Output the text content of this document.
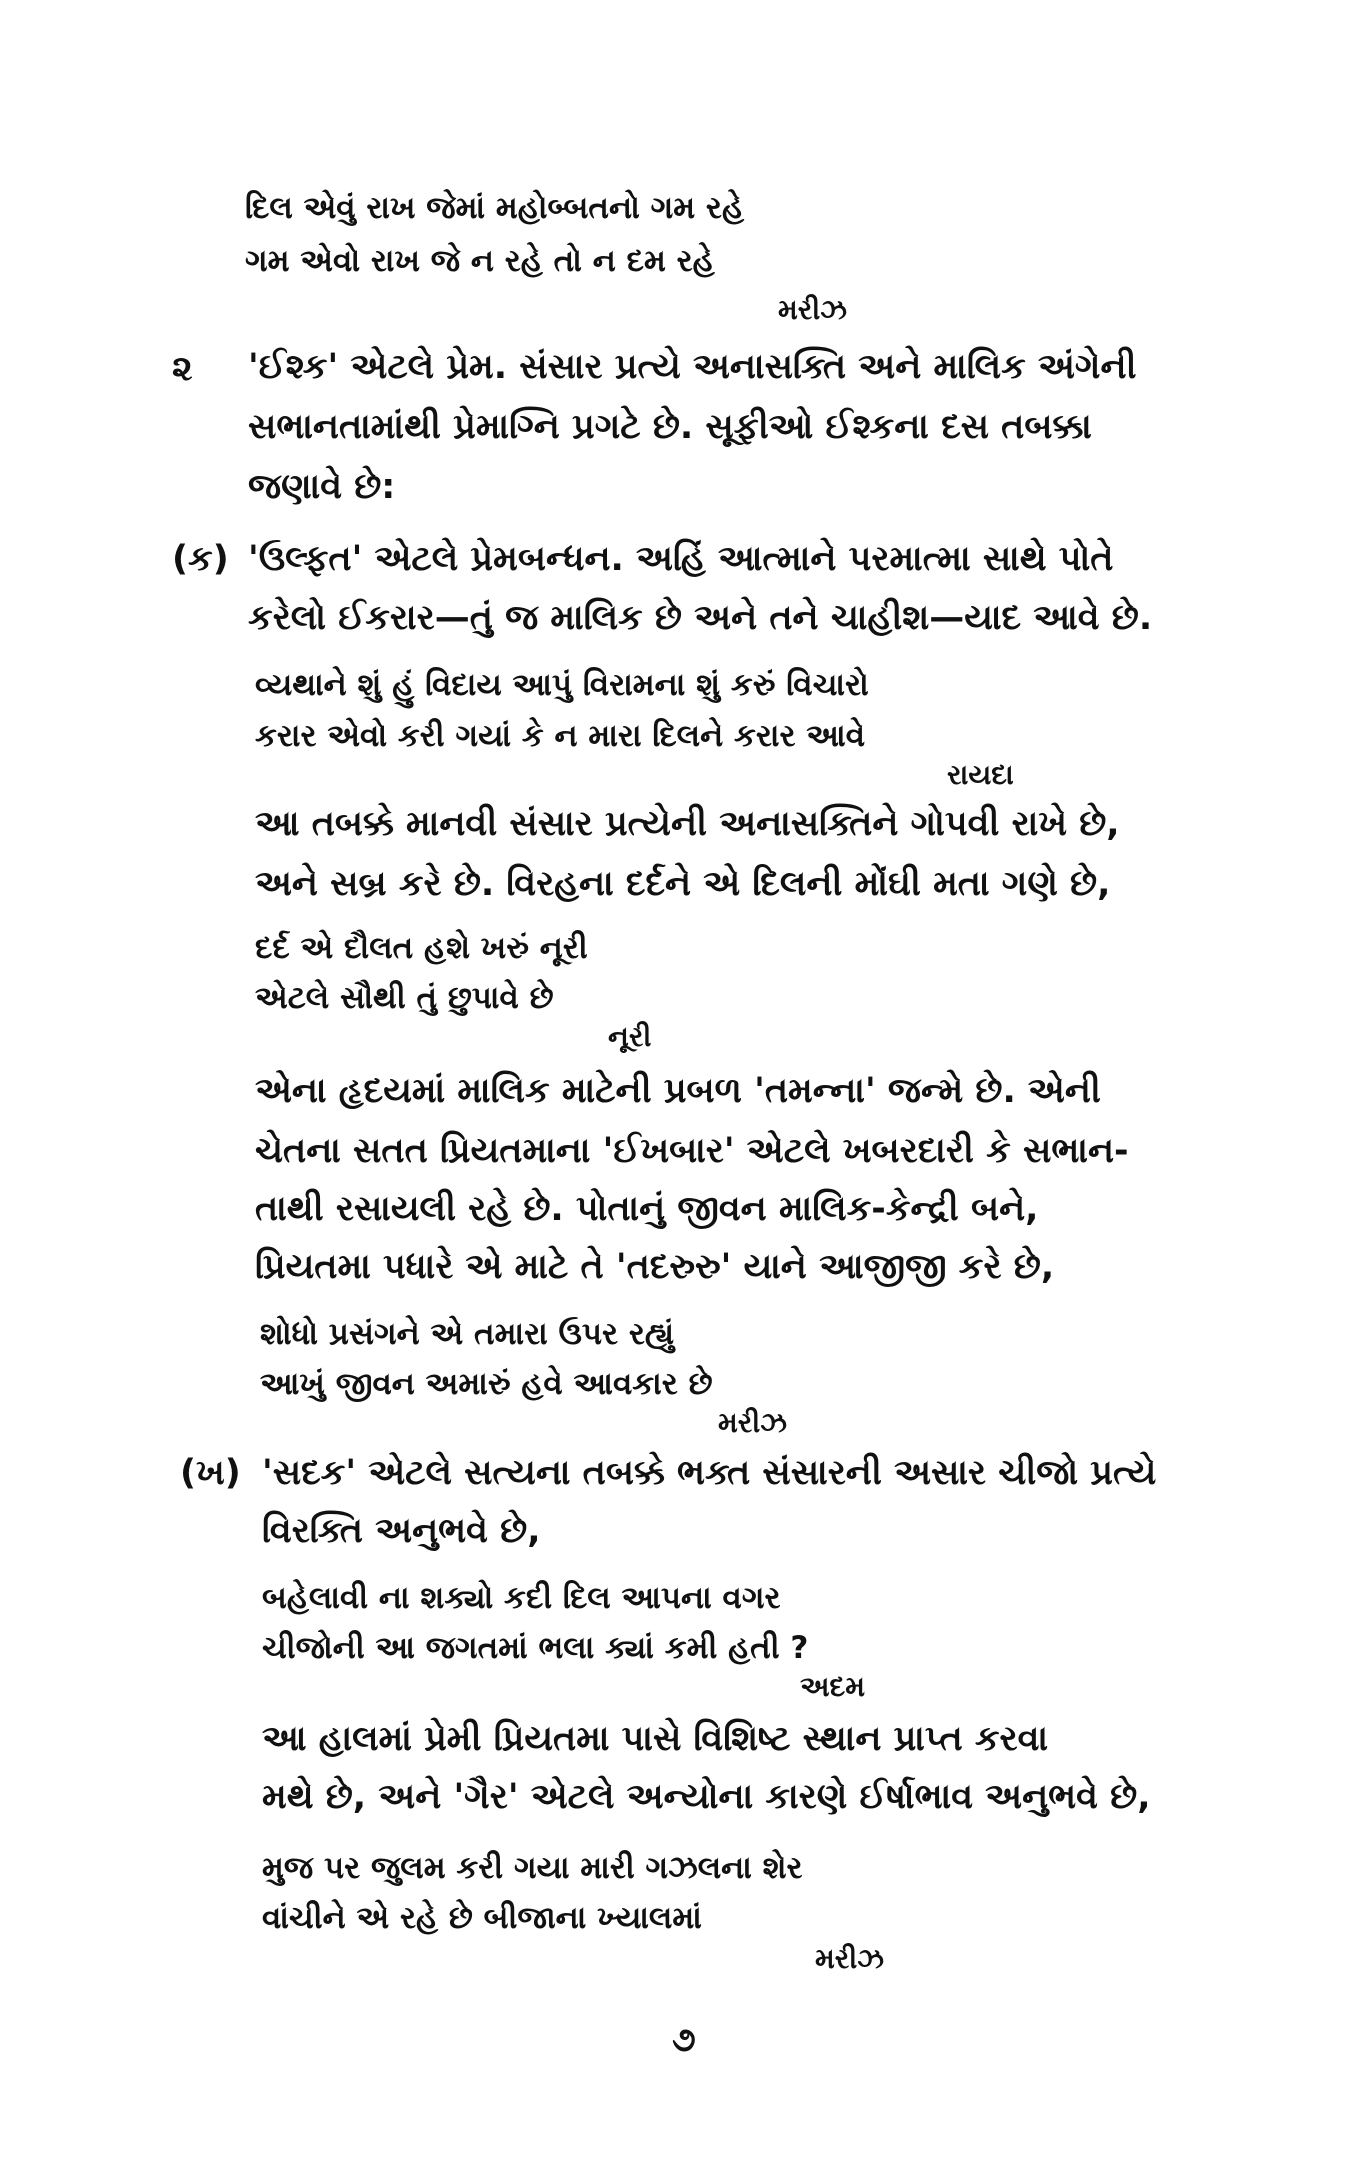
દિલ એવું રાખ જેમાં મહોબ્બતનો ગમ રહે
ગમ એવો રાખ જે ન રહે તો ન દમ રહે
મરીઝ
૨ 'ઈશ્ક' એટલે પ્રેમ. સંસાર પ્રત્યે અનાસક્તિ અને માલિક અંગેની
સભાનતામાંથી પ્રેમાગ્નિ પ્રગટે છે. સૂફીઓ ઈશ્કના દસ તબક્કા
જણાવે છે:
(ક) 'ઉલ્ફત' એટલે પ્રેમબન્ધન. અહિં આત્માને પરમાત્મા સાથે પોતે
કરેલો ઈકરાર—તું જ માલિક છે અને તને ચાહીશ—યાદ આવે છે.
વ્યથાને શું હું વિદાય આપું વિરામના શું કરું વિચારો
કરાર એવો કરી ગયાં કે ન મારા દિલને કરાર આવે
રાયદા
આ તબક્કે માનવી સંસાર પ્રત્યેની અનાસક્તિને ગોપવી રાખે છે,
અને સબ્ર કરે છે. વિરહના દર્દને એ દિલની મોંઘી મતા ગણે છે,
દર્દ એ દૌલત હશે ખરું નૂરી
એટલે સૌથી તું છુપાવે છે
નૂરી
એના હૃદયમાં માલિક માટેની પ્રબળ 'તમન્ના' જન્મે છે. એની
ચેતના સતત પ્રિયતમાના 'ઈખબાર' એટલે ખબરદારી કે સભાન-
તાથી રસાયલી રહે છે. પોતાનું જીવન માલિક-કેન્દ્રી બને,
પ્રિયતમા પધારે એ માટે તે 'તદરુરુ' યાને આજીજી કરે છે,
શોધો પ્રસંગને એ તમારા ઉપર રહ્યું
આખું જીવન અમારું હવે આવકાર છે
મરીઝ
(ખ) 'સદક' એટલે સત્યના તબક્કે ભક્ત સંસારની અસાર ચીજો પ્રત્યે
વિરક્તિ અનુભવે છે,
બહેલાવી ના શક્યો કદી દિલ આપના વગર
ચીજોની આ જગતમાં ભલા ક્યાં કમી હતી ?
અદમ
આ હાલમાં પ્રેમી પ્રિયતમા પાસે વિશિષ્ટ સ્થાન પ્રાપ્ત કરવા
મથે છે, અને 'ગૈર' એટલે અન્યોના કારણે ઈર્ષાભાવ અનુભવે છે,
મુજ પર જુલમ કરી ગયા મારી ગઝલના શેર
વાંચીને એ રહે છે બીજાના ખ્યાલમાં
મરીઝ
૭
